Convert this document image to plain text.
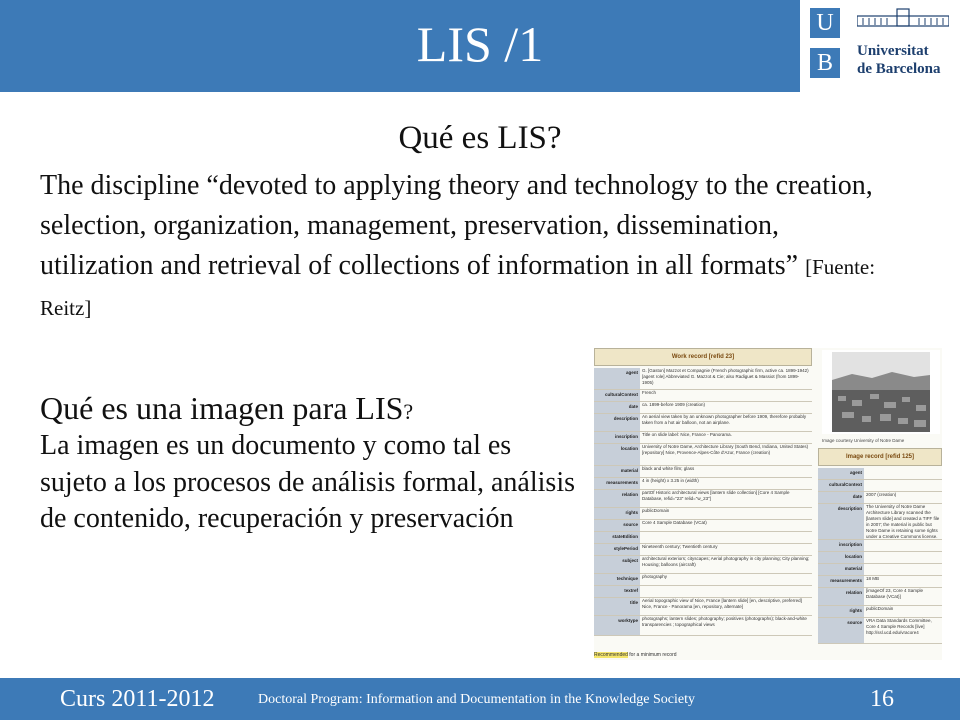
LIS /1	U
B	Universitat
de Barcelona
Qué es LIS?
The discipline “devoted to applying theory and technology to the creation, selection, organization, management, preservation, dissemination, utilization and retrieval of collections of information in all formats” [Fuente: Reitz]
Qué es una imagen para LIS?
La imagen es un documento y como tal es sujeto a los procesos de análisis formal, análisis de contenido, recuperación y preservación
Work record [refid 23]
agent G. [Gaston] Mazzot et Compagnie (French photographic firm, active ca. 1899-1942) [agent role] Abbreviated G. Mazzot & Cie; also Radiguet & Massiot (from 1899-1905)
culturalContext French
date ca. 1899-before 1909 (creation)
description An aerial view taken by an unknown photographer before 1909, therefore probably taken from a hot air balloon, not an airplane.
inscription Title on slide label: Nice, France - Panorama.
location University of Notre Dame, Architecture Library (South Bend, Indiana, United States) [repository] Nice, Provence-Alpes-Côte d'Azur, France (creation)
material black and white film; glass
measurements 4 in (height) x 3.25 in (width)
relation partOf Historic architectural views [lantern slide collection] [Core 4 Sample Database, refid="23" relid="w_23"]
rights publicDomain
source Core 4 Sample Database (VCat)
stateEdition
stylePeriod Nineteenth century; Twentieth century
subject architectural exteriors; cityscapes; Aerial photography in city planning; City planning; Housing; balloons (aircraft)
technique photography
textref
title Aerial topographic view of Nice, France [lantern slide] [en, descriptive, preferred] Nice, France - Panorama [en, repository, alternate]
worktype photographs; lantern slides; photography; positives (photographs); black-and-white transparencies ; topographical views
Recommended for a minimum record
Image courtesy University of Notre Dame
Image record [refid 125]
agent
culturalContext
date 2007 (creation)
description The University of Notre Dame Architecture Library scanned the [lantern slide] and created a TIFF file in 2007; the material is public but Notre Dame is retaining some rights under a Creative Commons license.
inscription
location
material
measurements 18 MB
relation [imageOf 23, Core 4 Sample Database (VCat)]
rights publicDomain
source VRA Data Standards Committee, Core 4 Sample Records [live] http://ssl.ucd.edu/vracore4
Curs 2011-2012	Doctoral Program: Information and Documentation in the Knowledge Society	16
